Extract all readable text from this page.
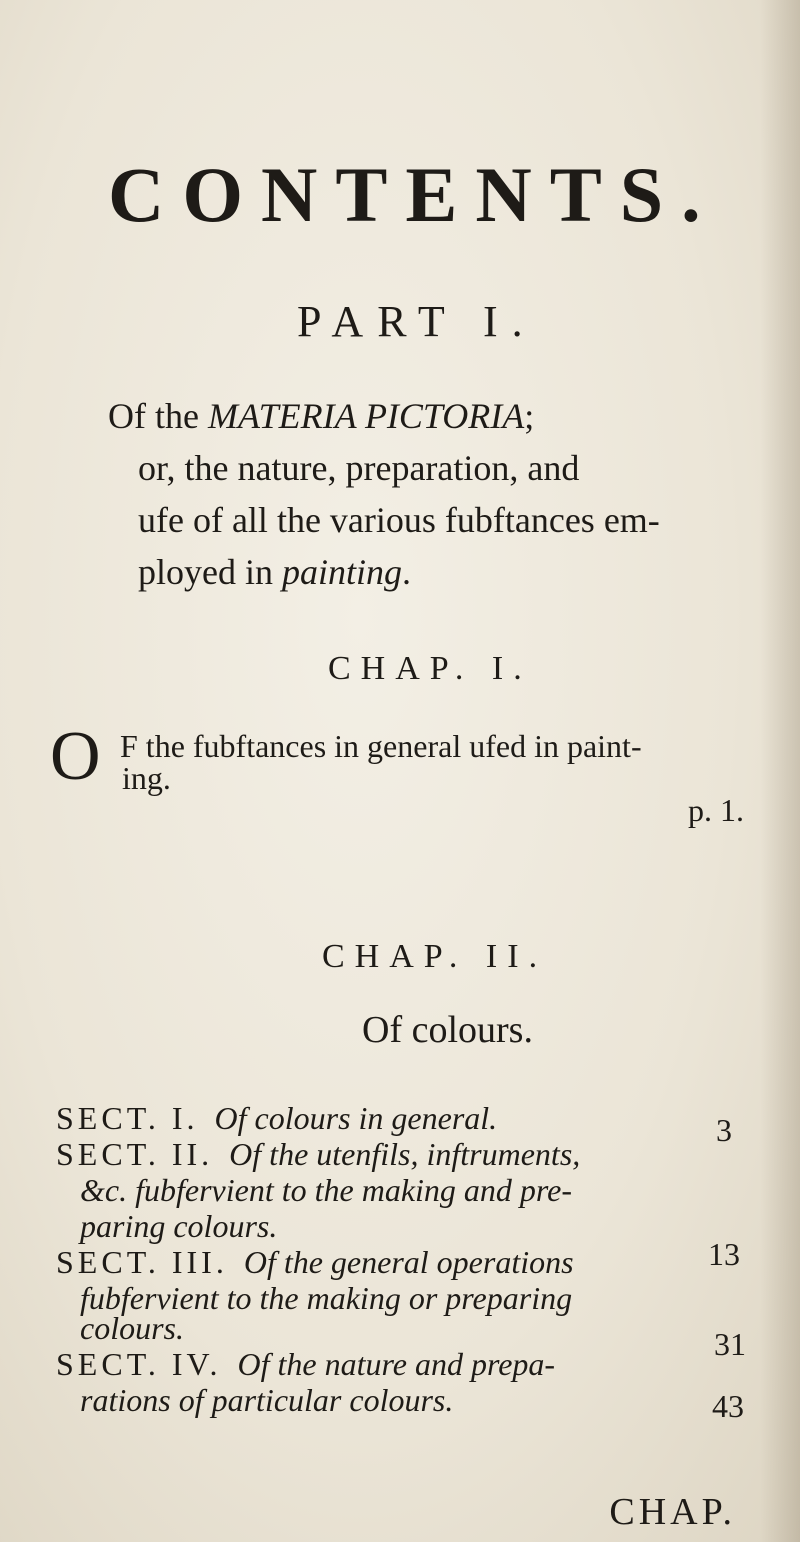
CONTENTS.
PART I.
Of the MATERIA PICTORIA;
or, the nature, preparation, and
ufe of all the various fubftances em-
ployed in painting.
CHAP. I.
O F the fubftances in general ufed in paint-
ing.
p. 1.
CHAP. II.
Of colours.
SECT. I. Of colours in general.	3
SECT. II. Of the utenfils, inftruments,
&c. fubfervient to the making and pre-
paring colours.
13
SECT. III. Of the general operations
fubfervient to the making or preparing
colours.	31
SECT. IV. Of the nature and prepa-
rations of particular colours.	43
CHAP.
